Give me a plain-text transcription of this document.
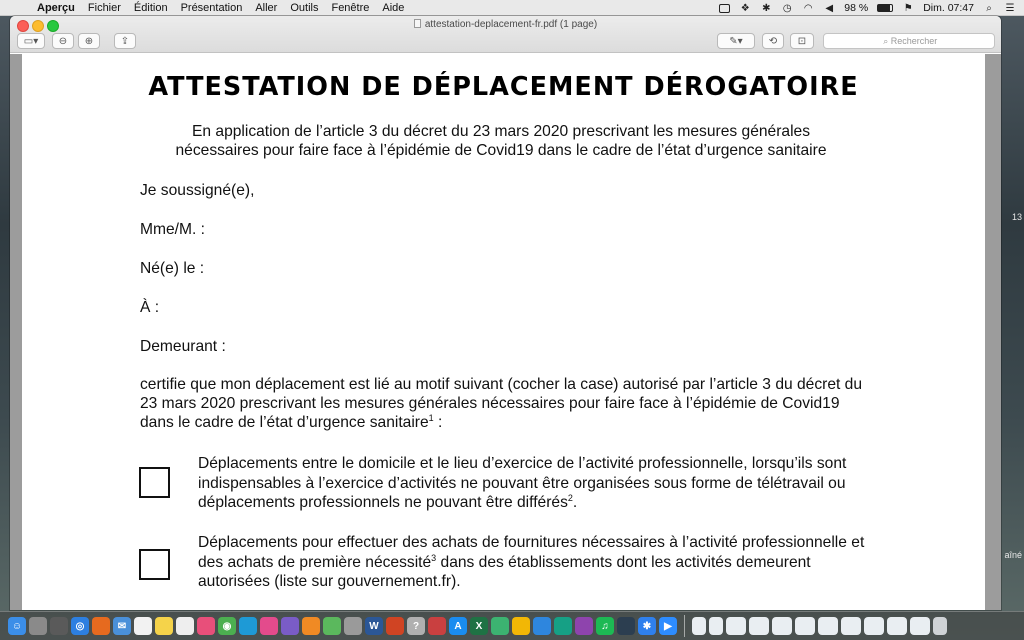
Aperçu Fichier Édition Présentation Aller Outils Fenêtre Aide	❖ ✱ ◷ ◠ ◀ 98 %	⚑ Dim. 07:47	⌕	☰
13
aîné
attestation-deplacement-fr.pdf (1 page)
▭▾ ⊖ ⊕	⇪	✎▾	⟲ ⊡	⌕ Rechercher
ATTESTATION DE DÉPLACEMENT DÉROGATOIRE
En application de l’article 3 du décret du 23 mars 2020 prescrivant les mesures générales
nécessaires pour faire face à l’épidémie de Covid19 dans le cadre de l’état d’urgence sanitaire
Je soussigné(e),
Mme/M. :
Né(e) le :
À :
Demeurant :
certifie que mon déplacement est lié au motif suivant (cocher la case) autorisé par l’article 3 du décret du 23 mars 2020 prescrivant les mesures générales nécessaires pour faire face à l’épidémie de Covid19 dans le cadre de l’état d’urgence sanitaire$^1$ :
Déplacements entre le domicile et le lieu d’exercice de l’activité professionnelle, lorsqu’ils sont indispensables à l’exercice d’activités ne pouvant être organisées sous forme de télétravail ou déplacements professionnels ne pouvant être différés$^2$.
Déplacements pour effectuer des achats de fournitures nécessaires à l’activité professionnelle et des achats de première nécessité$^3$ dans des établissements dont les activités demeurent autorisées (liste sur gouvernement.fr).
☺	◎	✉	◉	W	?	A	X	♫	✱	▶
